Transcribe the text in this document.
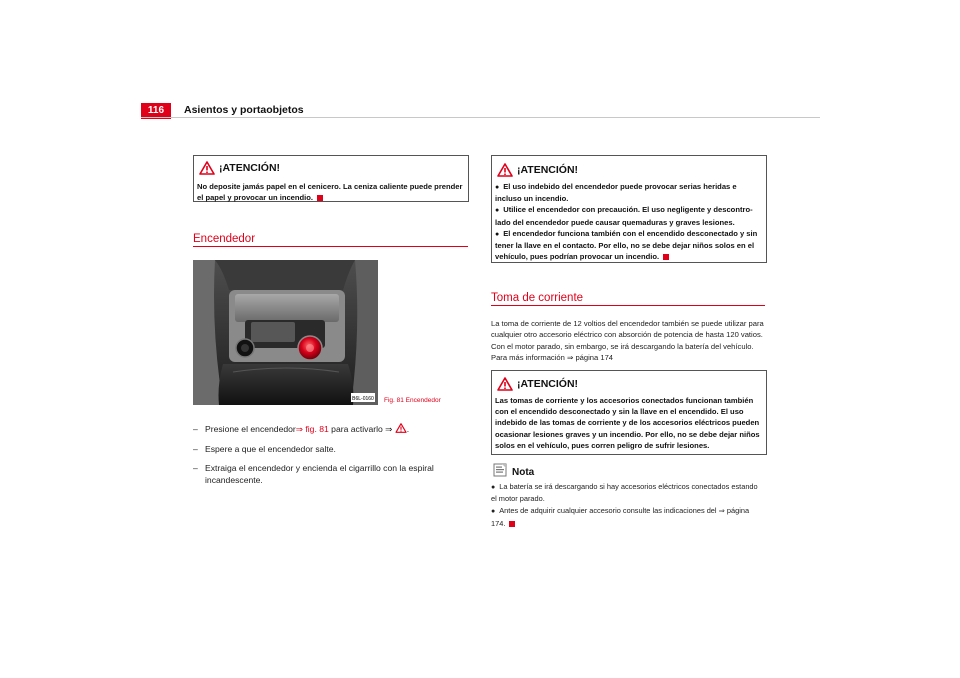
116	Asientos y portaobjetos
¡ATENCIÓN!
No deposite jamás papel en el cenicero. La ceniza caliente puede prender el papel y provocar un incendio.
Encendedor
B6L-0160 Fig. 81 Encendedor
– Presione el encendedor⇒ fig. 81 para activarlo ⇒ .
– Espere a que el encendedor salte.
– Extraiga el encendedor y encienda el cigarrillo con la espiral incandescente.
¡ATENCIÓN!

● El uso indebido del encendedor puede provocar serias heridas e incluso un incendio.

● Utilice el encendedor con precaución. El uso negligente y descontro-lado del encendedor puede causar quemaduras y graves lesiones.

● El encendedor funciona también con el encendido desconectado y sin tener la llave en el contacto. Por ello, no se debe dejar niños solos en el vehículo, pues podrían provocar un incendio.

Toma de corriente
La toma de corriente de 12 voltios del encendedor también se puede utilizar para cualquier otro accesorio eléctrico con absorción de potencia de hasta 120 vatios. Con el motor parado, sin embargo, se irá descargando la batería del vehículo. Para más información ⇒ página 174
¡ATENCIÓN!
Las tomas de corriente y los accesorios conectados funcionan también con el encendido desconectado y sin la llave en el encendido. El uso indebido de las tomas de corriente y de los accesorios eléctricos pueden ocasionar lesiones graves y un incendio. Por ello, no se debe dejar niños solos en el vehículo, pues corren peligro de sufrir lesiones.
Nota

● La batería se irá descargando si hay accesorios eléctricos conectados estando el motor parado.

● Antes de adquirir cualquier accesorio consulte las indicaciones del ⇒ página 174.
